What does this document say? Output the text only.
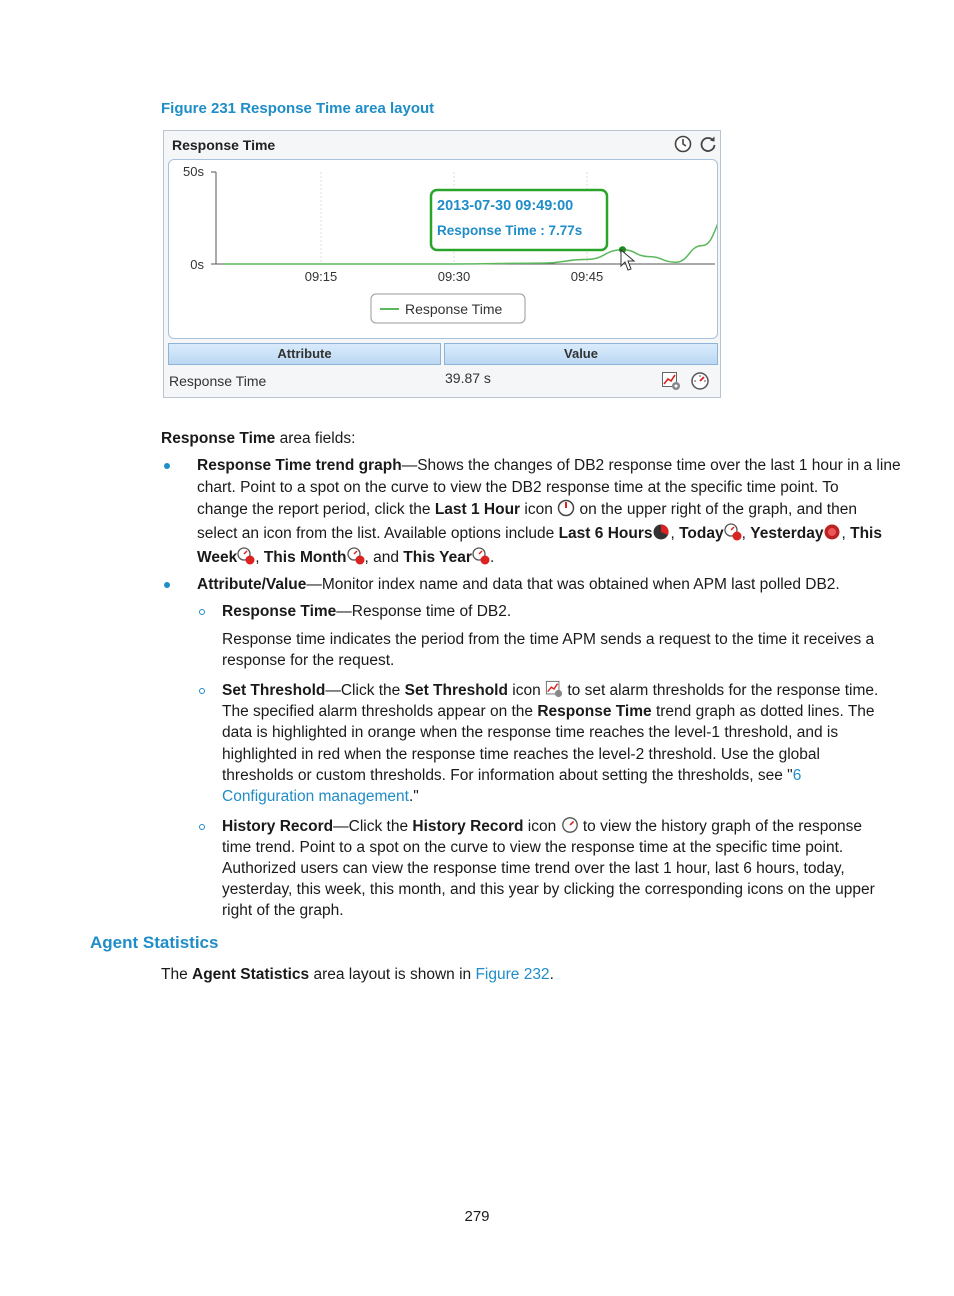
Figure 231 Response Time area layout
Response Time
50s
0s
09:15	09:30	09:45
2013-07-30 09:49:00
Response Time : 7.77s
Response Time
Attribute	Value
Response Time	39.87 s
Response Time area fields:
Response Time trend graph—Shows the changes of DB2 response time over the last 1 hour in a line
chart. Point to a spot on the curve to view the DB2 response time at the specific time point. To
change the report period, click the Last 1 Hour icon  on the upper right of the graph, and then
select an icon from the list. Available options include Last 6 Hours , Today , Yesterday , This
Week , This Month , and This Year .
Attribute/Value—Monitor index name and data that was obtained when APM last polled DB2.
Response Time—Response time of DB2.
Response time indicates the period from the time APM sends a request to the time it receives a
response for the request.
Set Threshold—Click the Set Threshold icon  to set alarm thresholds for the response time.
The specified alarm thresholds appear on the Response Time trend graph as dotted lines. The
data is highlighted in orange when the response time reaches the level-1 threshold, and is
highlighted in red when the response time reaches the level-2 threshold. Use the global
thresholds or custom thresholds. For information about setting the thresholds, see "6
Configuration management."
History Record—Click the History Record icon  to view the history graph of the response
time trend. Point to a spot on the curve to view the response time at the specific time point.
Authorized users can view the response time trend over the last 1 hour, last 6 hours, today,
yesterday, this week, this month, and this year by clicking the corresponding icons on the upper
right of the graph.
Agent Statistics
The Agent Statistics area layout is shown in Figure 232.
279
